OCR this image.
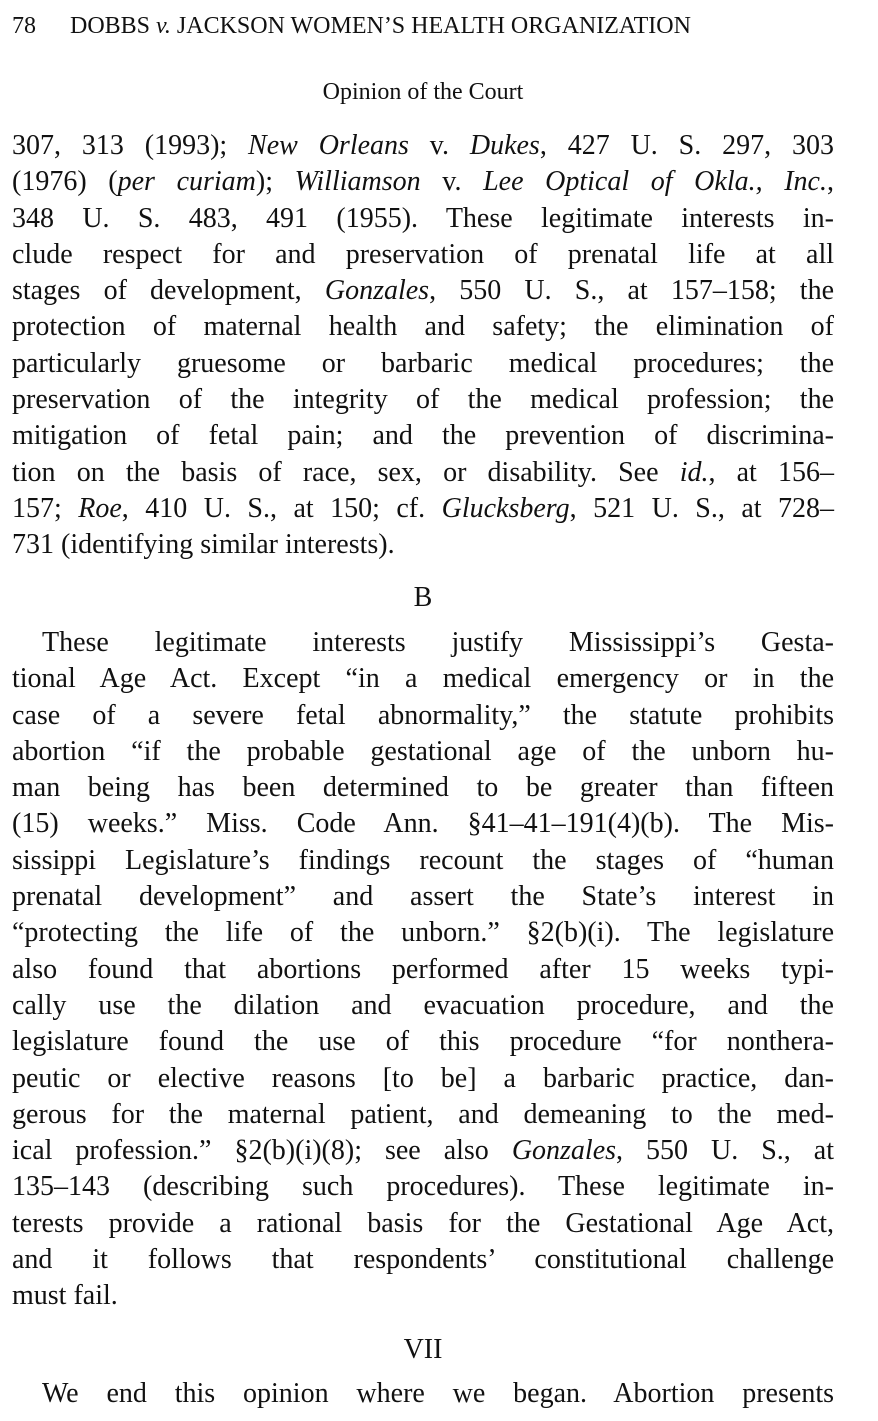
78 DOBBS v. JACKSON WOMEN’S HEALTH ORGANIZATION
Opinion of the Court
307, 313 (1993); New Orleans v. Dukes, 427 U. S. 297, 303
(1976) (per curiam); Williamson v. Lee Optical of Okla., Inc.,
348 U. S. 483, 491 (1955). These legitimate interests in-
clude respect for and preservation of prenatal life at all
stages of development, Gonzales, 550 U. S., at 157–158; the
protection of maternal health and safety; the elimination of
particularly gruesome or barbaric medical procedures; the
preservation of the integrity of the medical profession; the
mitigation of fetal pain; and the prevention of discrimina-
tion on the basis of race, sex, or disability. See id., at 156–
157; Roe, 410 U. S., at 150; cf. Glucksberg, 521 U. S., at 728–
731 (identifying similar interests).
B
These legitimate interests justify Mississippi’s Gesta-
tional Age Act. Except “in a medical emergency or in the
case of a severe fetal abnormality,” the statute prohibits
abortion “if the probable gestational age of the unborn hu-
man being has been determined to be greater than fifteen
(15) weeks.” Miss. Code Ann. §41–41–191(4)(b). The Mis-
sissippi Legislature’s findings recount the stages of “human
prenatal development” and assert the State’s interest in
“protecting the life of the unborn.” §2(b)(i). The legislature
also found that abortions performed after 15 weeks typi-
cally use the dilation and evacuation procedure, and the
legislature found the use of this procedure “for nonthera-
peutic or elective reasons [to be] a barbaric practice, dan-
gerous for the maternal patient, and demeaning to the med-
ical profession.” §2(b)(i)(8); see also Gonzales, 550 U. S., at
135–143 (describing such procedures). These legitimate in-
terests provide a rational basis for the Gestational Age Act,
and it follows that respondents’ constitutional challenge
must fail.
VII
We end this opinion where we began. Abortion presents
